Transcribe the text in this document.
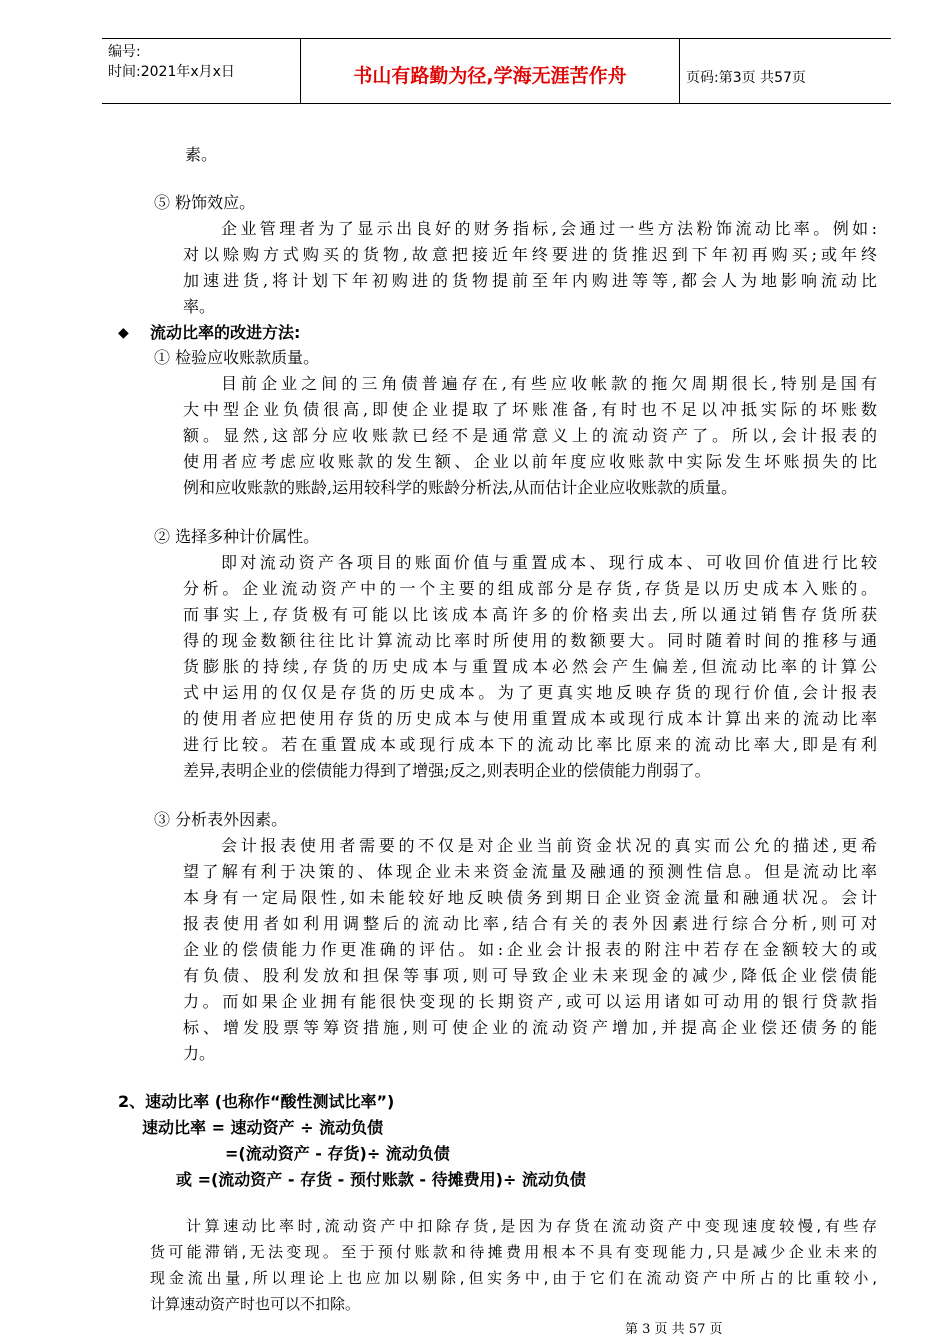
编号:
时间:2021年x月x日	书山有路勤为径,学海无涯苦作舟	页码:第3页 共57页
素。
⑤ 粉饰效应。
企业管理者为了显示出良好的财务指标,会通过一些方法粉饰流动比率。例如:
对以赊购方式购买的货物,故意把接近年终要进的货推迟到下年初再购买;或年终
加速进货,将计划下年初购进的货物提前至年内购进等等,都会人为地影响流动比
率。
◆ 流动比率的改进方法:
① 检验应收账款质量。
目前企业之间的三角债普遍存在,有些应收帐款的拖欠周期很长,特别是国有
大中型企业负债很高,即使企业提取了坏账准备,有时也不足以冲抵实际的坏账数
额。显然,这部分应收账款已经不是通常意义上的流动资产了。所以,会计报表的
使用者应考虑应收账款的发生额、企业以前年度应收账款中实际发生坏账损失的比
例和应收账款的账龄,运用较科学的账龄分析法,从而估计企业应收账款的质量。
② 选择多种计价属性。
即对流动资产各项目的账面价值与重置成本、现行成本、可收回价值进行比较
分析。企业流动资产中的一个主要的组成部分是存货,存货是以历史成本入账的。
而事实上,存货极有可能以比该成本高许多的价格卖出去,所以通过销售存货所获
得的现金数额往往比计算流动比率时所使用的数额要大。同时随着时间的推移与通
货膨胀的持续,存货的历史成本与重置成本必然会产生偏差,但流动比率的计算公
式中运用的仅仅是存货的历史成本。为了更真实地反映存货的现行价值,会计报表
的使用者应把使用存货的历史成本与使用重置成本或现行成本计算出来的流动比率
进行比较。若在重置成本或现行成本下的流动比率比原来的流动比率大,即是有利
差异,表明企业的偿债能力得到了增强;反之,则表明企业的偿债能力削弱了。
③ 分析表外因素。
会计报表使用者需要的不仅是对企业当前资金状况的真实而公允的描述,更希
望了解有利于决策的、体现企业未来资金流量及融通的预测性信息。但是流动比率
本身有一定局限性,如未能较好地反映债务到期日企业资金流量和融通状况。会计
报表使用者如利用调整后的流动比率,结合有关的表外因素进行综合分析,则可对
企业的偿债能力作更准确的评估。如:企业会计报表的附注中若存在金额较大的或
有负债、股利发放和担保等事项,则可导致企业未来现金的减少,降低企业偿债能
力。而如果企业拥有能很快变现的长期资产,或可以运用诸如可动用的银行贷款指
标、增发股票等筹资措施,则可使企业的流动资产增加,并提高企业偿还债务的能
力。
2、速动比率 (也称作“酸性测试比率”)
速动比率 = 速动资产 ÷ 流动负债
=(流动资产 - 存货)÷ 流动负债
或 =(流动资产 - 存货 - 预付账款 - 待摊费用)÷ 流动负债
计算速动比率时,流动资产中扣除存货,是因为存货在流动资产中变现速度较慢,有些存
货可能滞销,无法变现。至于预付账款和待摊费用根本不具有变现能力,只是减少企业未来的
现金流出量,所以理论上也应加以剔除,但实务中,由于它们在流动资产中所占的比重较小,
计算速动资产时也可以不扣除。
第 3 页 共 57 页
